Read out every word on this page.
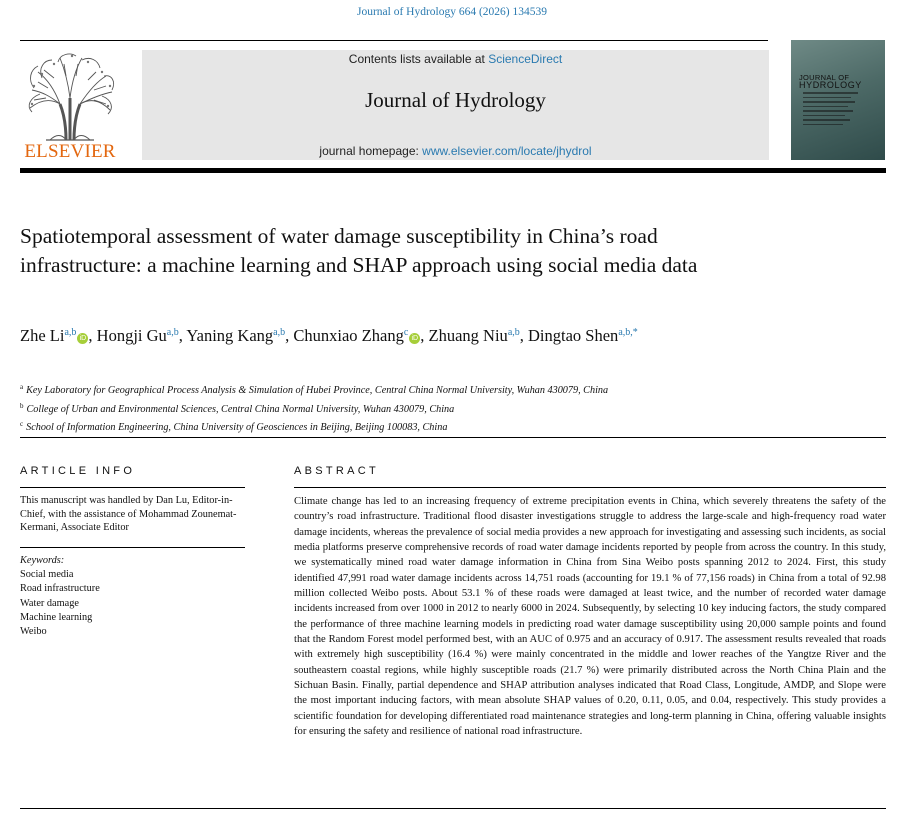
Journal of Hydrology 664 (2026) 134539
ELSEVIER
Contents lists available at ScienceDirect
Journal of Hydrology
journal homepage: www.elsevier.com/locate/jhydrol
JOURNAL OF
HYDROLOGY
Spatiotemporal assessment of water damage susceptibility in China’s road infrastructure: a machine learning and SHAP approach using social media data
Zhe Li$^{a,b}$iD , Hongji Gu$^{a,b}$, Yaning Kang$^{a,b}$, Chunxiao Zhang$^c$iD , Zhuang Niu$^{a,b}$, Dingtao Shen$^{a,b,*}$
$^a$ Key Laboratory for Geographical Process Analysis & Simulation of Hubei Province, Central China Normal University, Wuhan 430079, China
$^b$ College of Urban and Environmental Sciences, Central China Normal University, Wuhan 430079, China
$^c$ School of Information Engineering, China University of Geosciences in Beijing, Beijing 100083, China
ARTICLE INFO
This manuscript was handled by Dan Lu, Editor-in-Chief, with the assistance of Mohammad Zounemat-Kermani, Associate Editor
Keywords:
Social media
Road infrastructure
Water damage
Machine learning
Weibo
ABSTRACT
Climate change has led to an increasing frequency of extreme precipitation events in China, which severely threatens the safety of the country’s road infrastructure. Traditional flood disaster investigations struggle to address the large-scale and high-frequency road water damage incidents, whereas the prevalence of social media provides a new approach for investigating and assessing such incidents, as social media platforms preserve comprehensive records of road water damage incidents reported by people from across the country. In this study, we systematically mined road water damage information in China from Sina Weibo posts spanning 2012 to 2024. First, this study identified 47,991 road water damage incidents across 14,751 roads (accounting for 19.1 % of 77,156 roads) in China from a total of 92.98 million collected Weibo posts. About 53.1 % of these roads were damaged at least twice, and the number of recorded water damage incidents increased from over 1000 in 2012 to nearly 6000 in 2024. Subsequently, by selecting 10 key inducing factors, the study compared the performance of three machine learning models in predicting road water damage susceptibility using 20,000 sample points and found that the Random Forest model performed best, with an AUC of 0.975 and an accuracy of 0.917. The assessment results revealed that roads with extremely high susceptibility (16.4 %) were mainly concentrated in the middle and lower reaches of the Yangtze River and the southeastern coastal regions, while highly susceptible roads (21.7 %) were primarily distributed across the North China Plain and the Sichuan Basin. Finally, partial dependence and SHAP attribution analyses indicated that Road Class, Longitude, AMDP, and Slope were the most important inducing factors, with mean absolute SHAP values of 0.20, 0.11, 0.05, and 0.04, respectively. This study provides a scientific foundation for developing differentiated road maintenance strategies and long-term planning in China, offering valuable insights for ensuring the safety and resilience of national road infrastructure.
